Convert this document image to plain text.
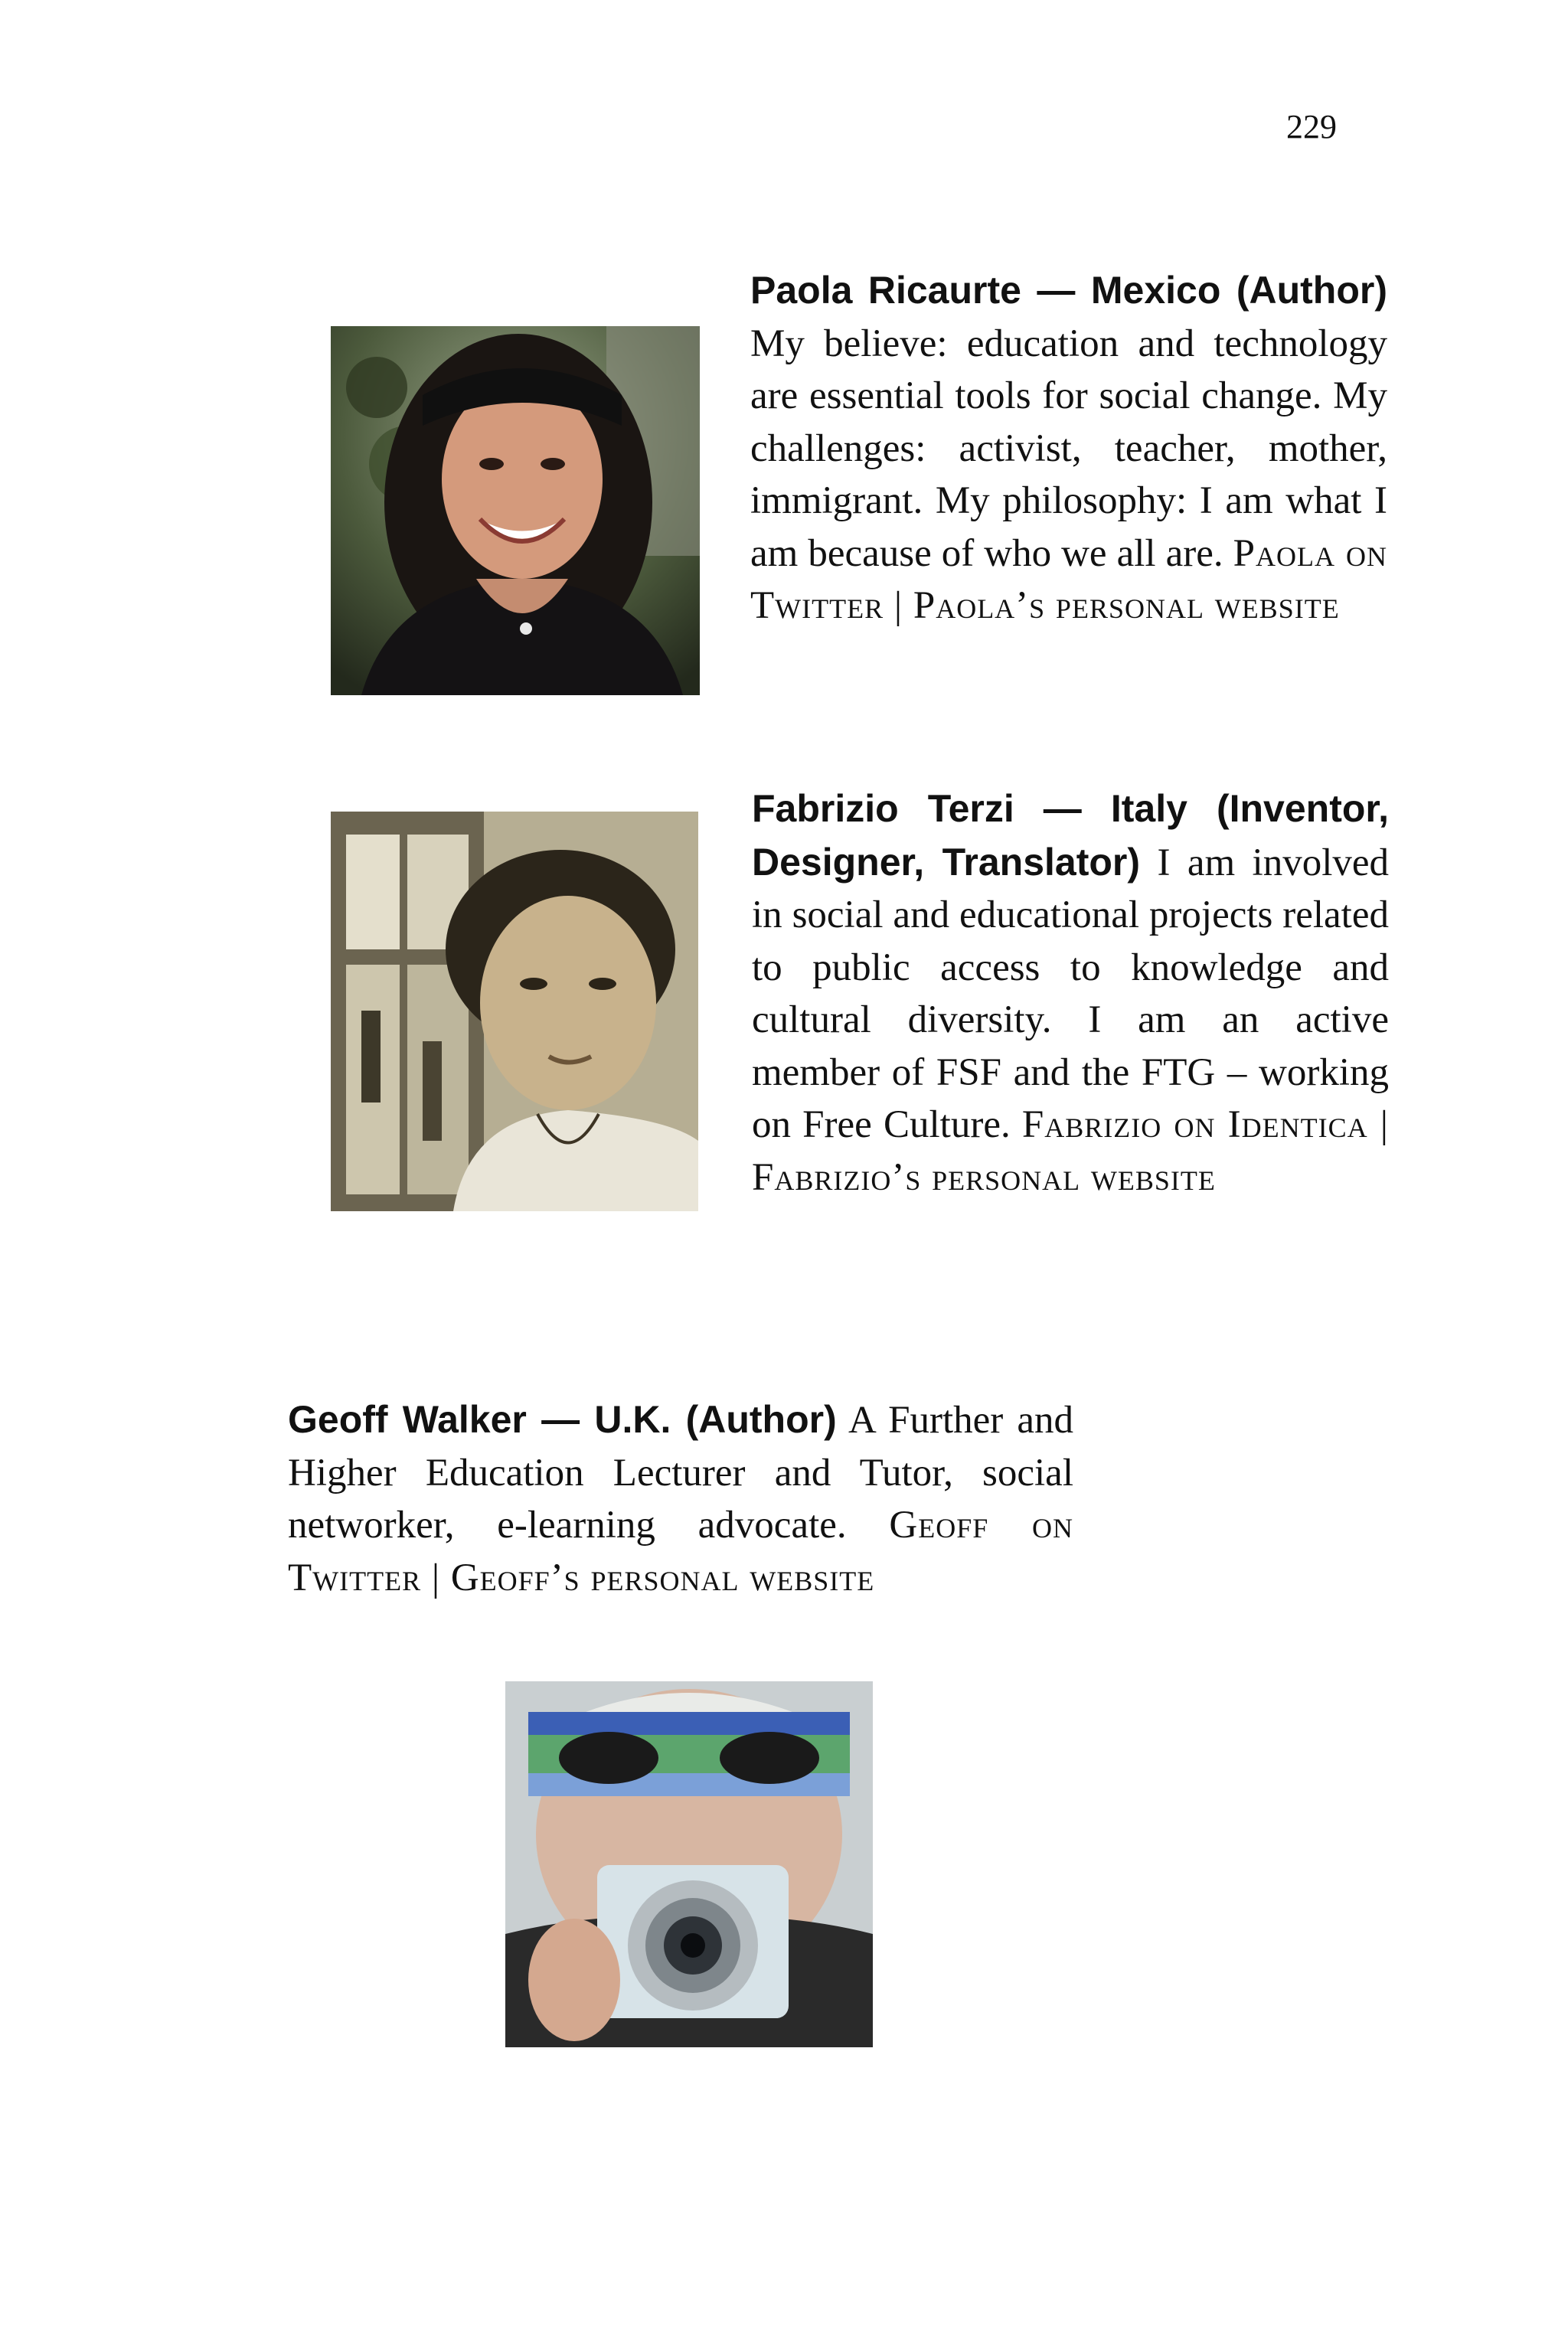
229
Paola Ricaurte — Mexico (Author) My believe: education and technology are essential tools for social change. My challenges: activist, teacher, mother, immigrant. My philosophy: I am what I am because of who we all are. Paola on Twitter | Paola’s personal website
Fabrizio Terzi — Italy (Inventor, Designer, Translator) I am involved in social and educational projects related to public access to knowledge and cultural diversity. I am an active member of FSF and the FTG – working on Free Culture. Fabrizio on Identica | Fabrizio’s personal website
Geoff Walker — U.K. (Author) A Further and Higher Education Lecturer and Tutor, social networker, e-learning advocate. Geoff on Twitter | Geoff’s personal website
